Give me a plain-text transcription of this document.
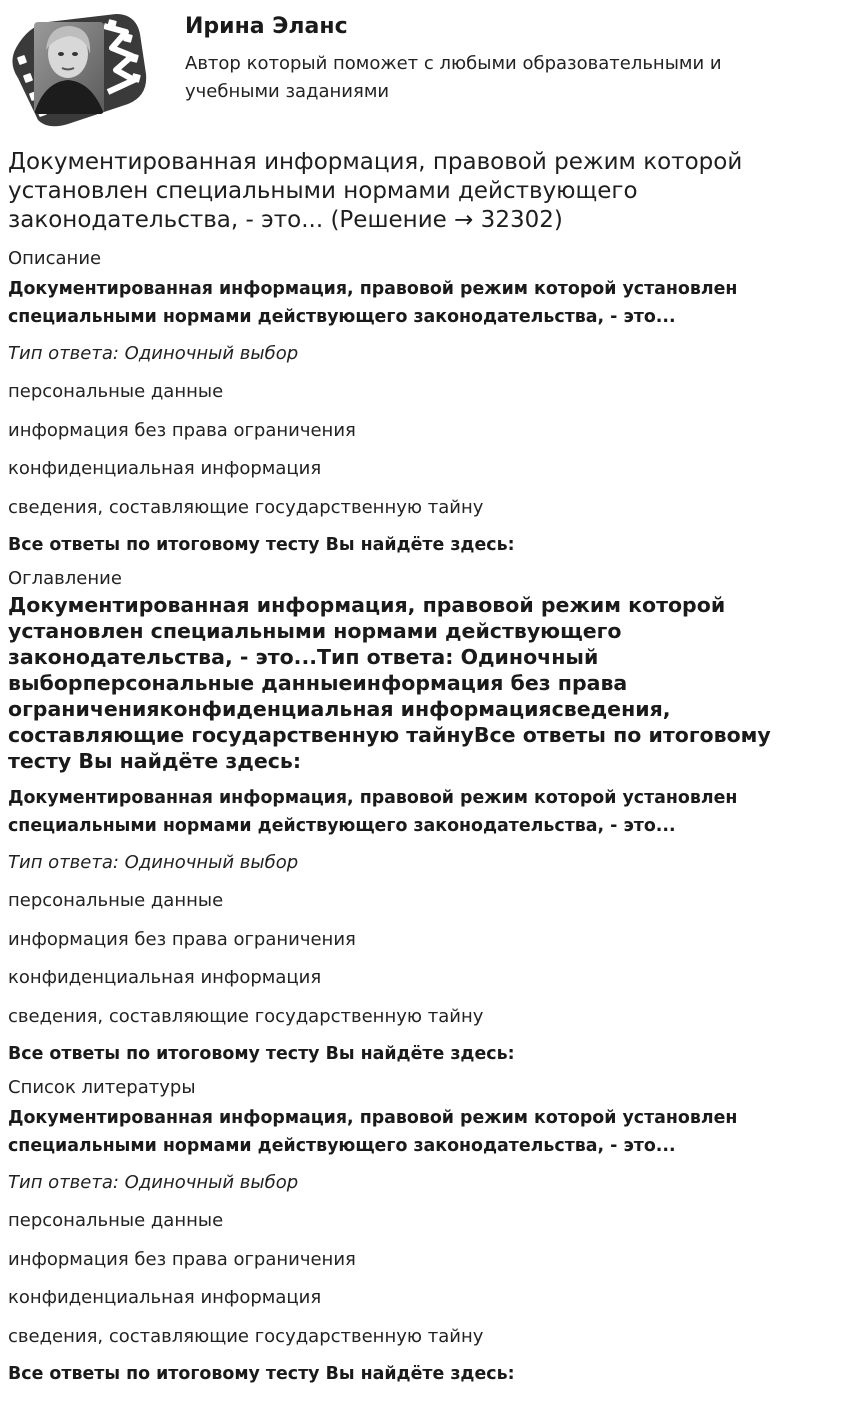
Ирина Эланс
Автор который поможет с любыми образовательными и учебными заданиями
Документированная информация, правовой режим которой установлен специальными нормами действующего законодательства, - это... (Решение → 32302)

Описание

Документированная информация, правовой режим которой установлен специальными нормами действующего законодательства, - это...

Тип ответа: Одиночный выбор

персональные данные

информация без права ограничения

конфиденциальная информация

сведения, составляющие государственную тайну

Все ответы по итоговому тесту Вы найдёте здесь:

Оглавление

Документированная информация, правовой режим которой установлен специальными нормами действующего законодательства, - это...Тип ответа: Одиночный выборперсональные данныеинформация без права ограниченияконфиденциальная информациясведения, составляющие государственную тайнуВсе ответы по итоговому тесту Вы найдёте здесь:

Документированная информация, правовой режим которой установлен специальными нормами действующего законодательства, - это...

Тип ответа: Одиночный выбор

персональные данные

информация без права ограничения

конфиденциальная информация

сведения, составляющие государственную тайну

Все ответы по итоговому тесту Вы найдёте здесь:

Список литературы

Документированная информация, правовой режим которой установлен специальными нормами действующего законодательства, - это...

Тип ответа: Одиночный выбор

персональные данные

информация без права ограничения

конфиденциальная информация

сведения, составляющие государственную тайну

Все ответы по итоговому тесту Вы найдёте здесь:
